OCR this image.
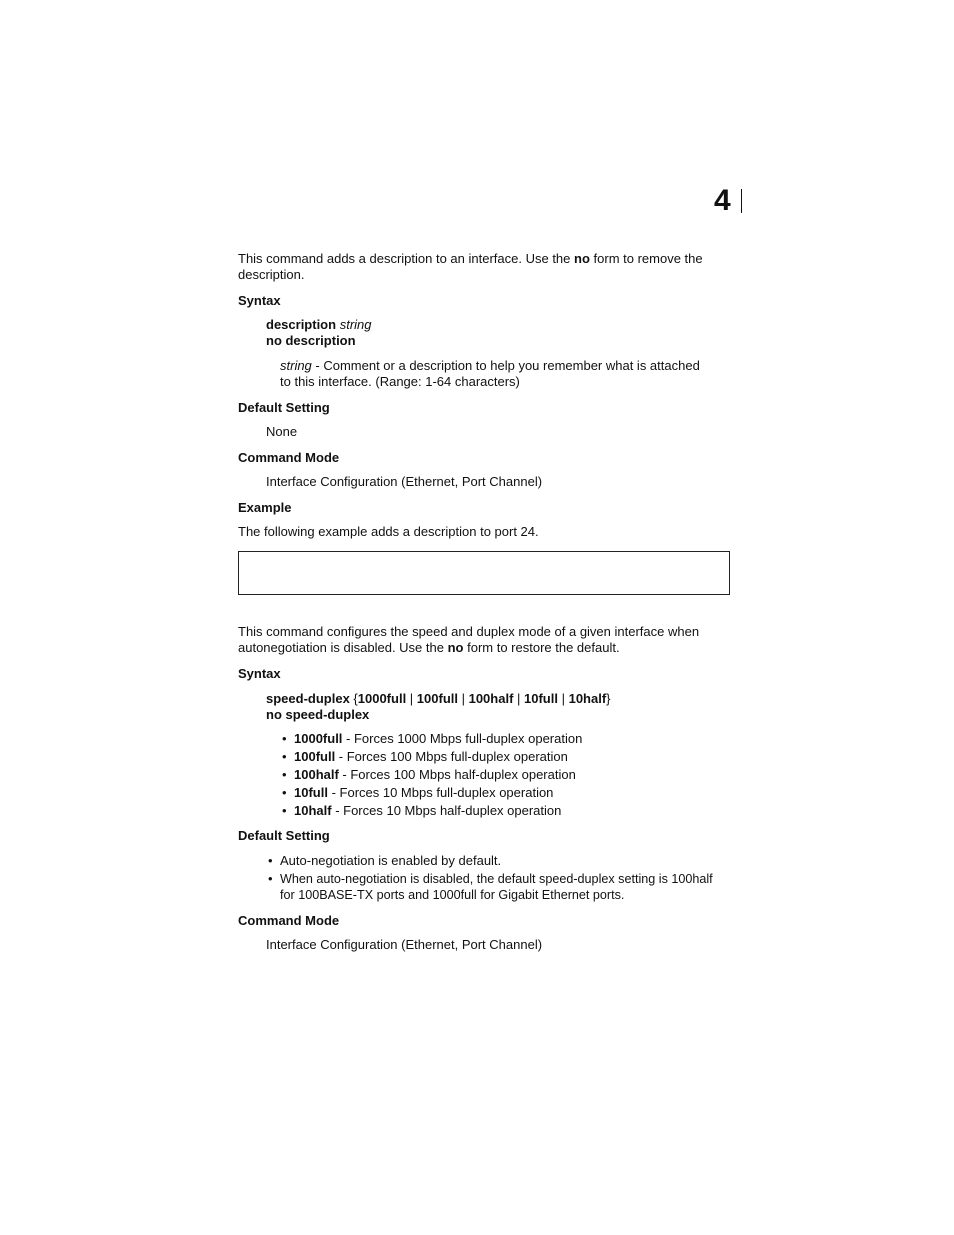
4
This command adds a description to an interface. Use the no form to remove the
description.
Syntax
description string
no description
string - Comment or a description to help you remember what is attached
to this interface. (Range: 1-64 characters)
Default Setting
None
Command Mode
Interface Configuration (Ethernet, Port Channel)
Example
The following example adds a description to port 24.
This command configures the speed and duplex mode of a given interface when
autonegotiation is disabled. Use the no form to restore the default.
Syntax
speed-duplex {1000full | 100full | 100half | 10full | 10half}
no speed-duplex
• 1000full - Forces 1000 Mbps full-duplex operation
• 100full - Forces 100 Mbps full-duplex operation
• 100half - Forces 100 Mbps half-duplex operation
• 10full - Forces 10 Mbps full-duplex operation
• 10half - Forces 10 Mbps half-duplex operation
Default Setting
• Auto-negotiation is enabled by default.
• When auto-negotiation is disabled, the default speed-duplex setting is 100half for 100BASE-TX ports and 1000full for Gigabit Ethernet ports.
Command Mode
Interface Configuration (Ethernet, Port Channel)
